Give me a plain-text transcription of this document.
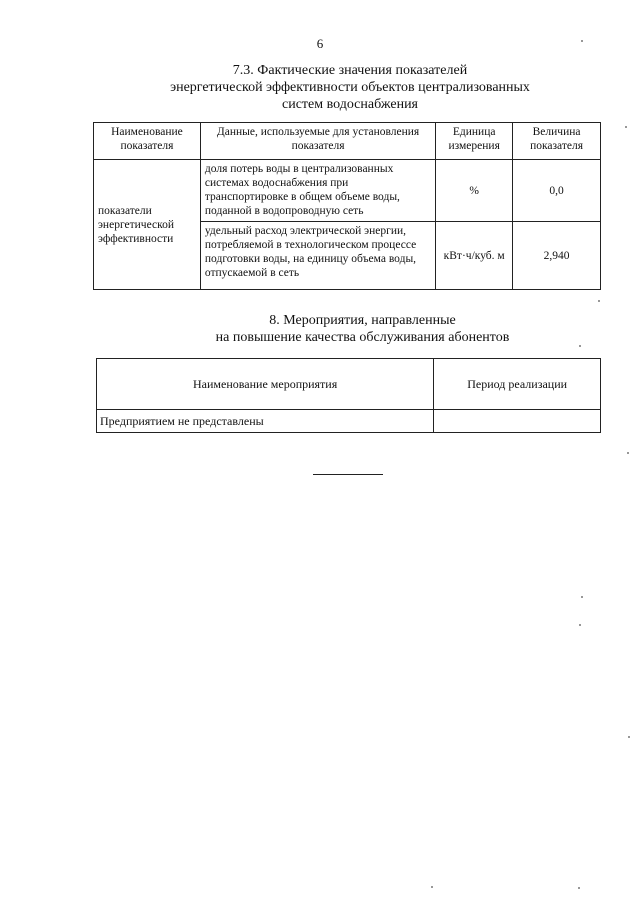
6
7.3. Фактические значения показателей
энергетической эффективности объектов централизованных
систем водоснабжения
Наименование показателя	Данные, используемые для установления показателя	Единица измерения	Величина показателя
показатели энергетической эффективности	доля потерь воды в централизованных системах водоснабжения при транспортировке в общем объеме воды, поданной в водопроводную сеть	%	0,0
	удельный расход электрической энергии, потребляемой в технологическом процессе подготовки воды, на единицу объема воды, отпускаемой в сеть	кВт·ч/куб. м	2,940
8. Мероприятия, направленные
на повышение качества обслуживания абонентов
Наименование мероприятия	Период реализации
Предприятием не представлены	
